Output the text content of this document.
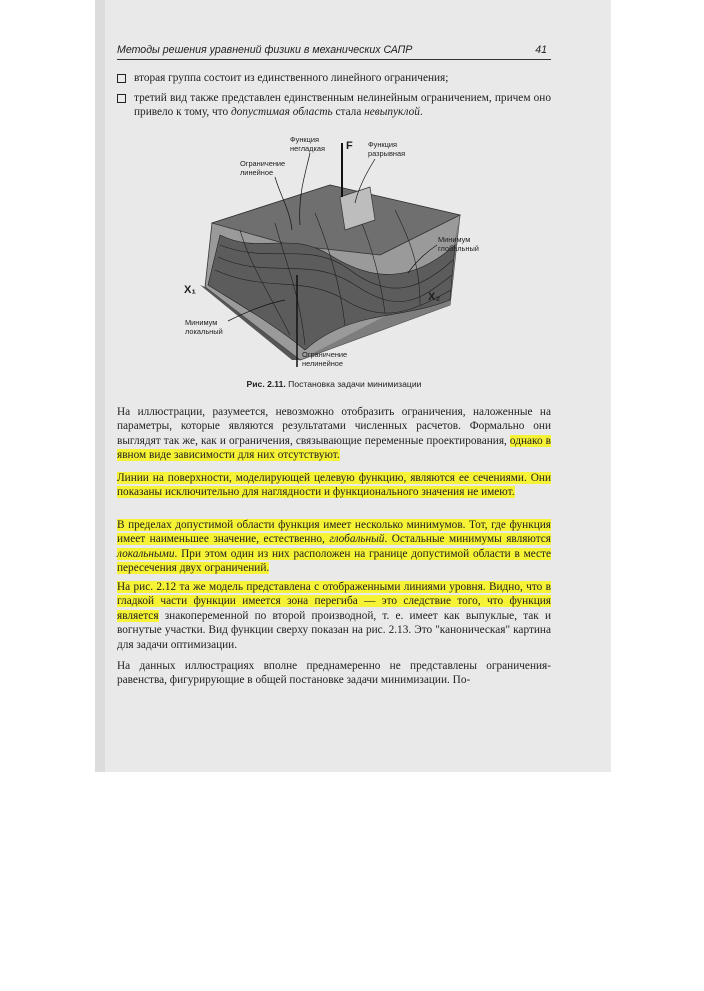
Методы решения уравнений физики в механических САПР	41
вторая группа состоит из единственного линейного ограничения;
третий вид также представлен единственным нелинейным ограничением, причем оно привело к тому, что допустимая область стала невыпуклой.
F
X₁
X₂
Функция негладкая
Ограничение линейное
Функция разрывная
Минимум глобальный
Минимум локальный
Ограничение нелинейное
Рис. 2.11. Постановка задачи минимизации

На иллюстрации, разумеется, невозможно отобразить ограничения, наложенные на параметры, которые являются результатами численных расчетов. Формально они выглядят так же, как и ограничения, связывающие переменные проектирования, однако в явном виде зависимости для них отсутствуют.

Линии на поверхности, моделирующей целевую функцию, являются ее сечениями. Они показаны исключительно для наглядности и функционального значения не имеют.

В пределах допустимой области функция имеет несколько минимумов. Тот, где функция имеет наименьшее значение, естественно, глобальный. Остальные минимумы являются локальными. При этом один из них расположен на границе допустимой области в месте пересечения двух ограничений.

На рис. 2.12 та же модель представлена с отображенными линиями уровня. Видно, что в гладкой части функции имеется зона перегиба — это следствие того, что функция является знакопеременной по второй производной, т. е. имеет как выпуклые, так и вогнутые участки. Вид функции сверху показан на рис. 2.13. Это "каноническая" картина для задачи оптимизации.

На данных иллюстрациях вполне преднамеренно не представлены ограничения-равенства, фигурирующие в общей постановке задачи минимизации. По-
